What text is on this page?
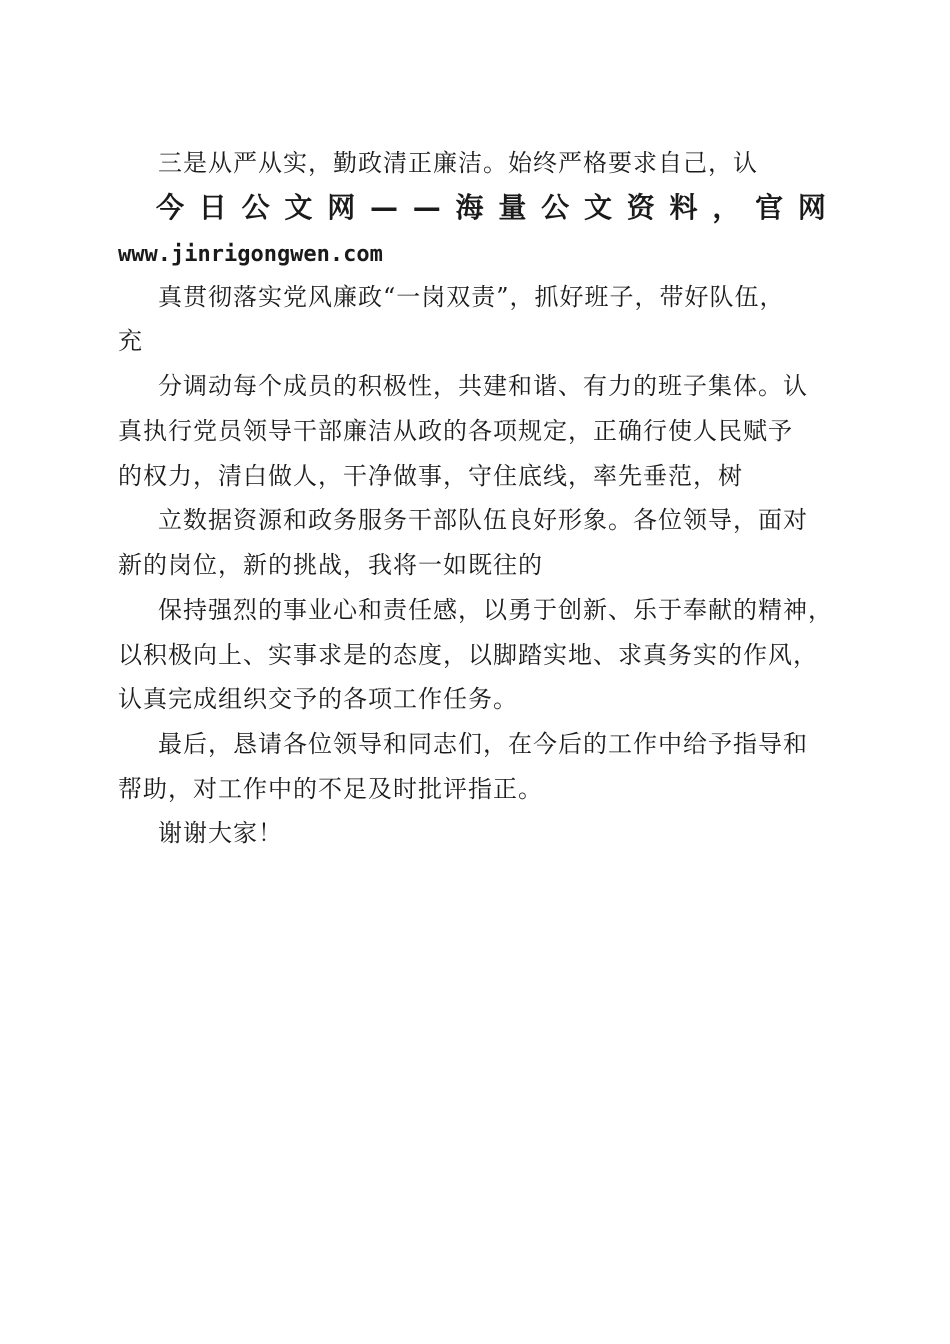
三是从严从实，勤政清正廉洁。始终严格要求自己，认
今 日 公 文 网 — — 海 量 公 文 资 料 ， 官 网
www.jinrigongwen.com
真贯彻落实党风廉政“一岗双责”，抓好班子，带好队伍，
充
分调动每个成员的积极性，共建和谐、有力的班子集体。认
真执行党员领导干部廉洁从政的各项规定，正确行使人民赋予
的权力，清白做人，干净做事，守住底线，率先垂范，树
立数据资源和政务服务干部队伍良好形象。各位领导，面对
新的岗位，新的挑战，我将一如既往的
保持强烈的事业心和责任感，以勇于创新、乐于奉献的精神，
以积极向上、实事求是的态度，以脚踏实地、求真务实的作风，
认真完成组织交予的各项工作任务。
最后，恳请各位领导和同志们，在今后的工作中给予指导和
帮助，对工作中的不足及时批评指正。
谢谢大家！
